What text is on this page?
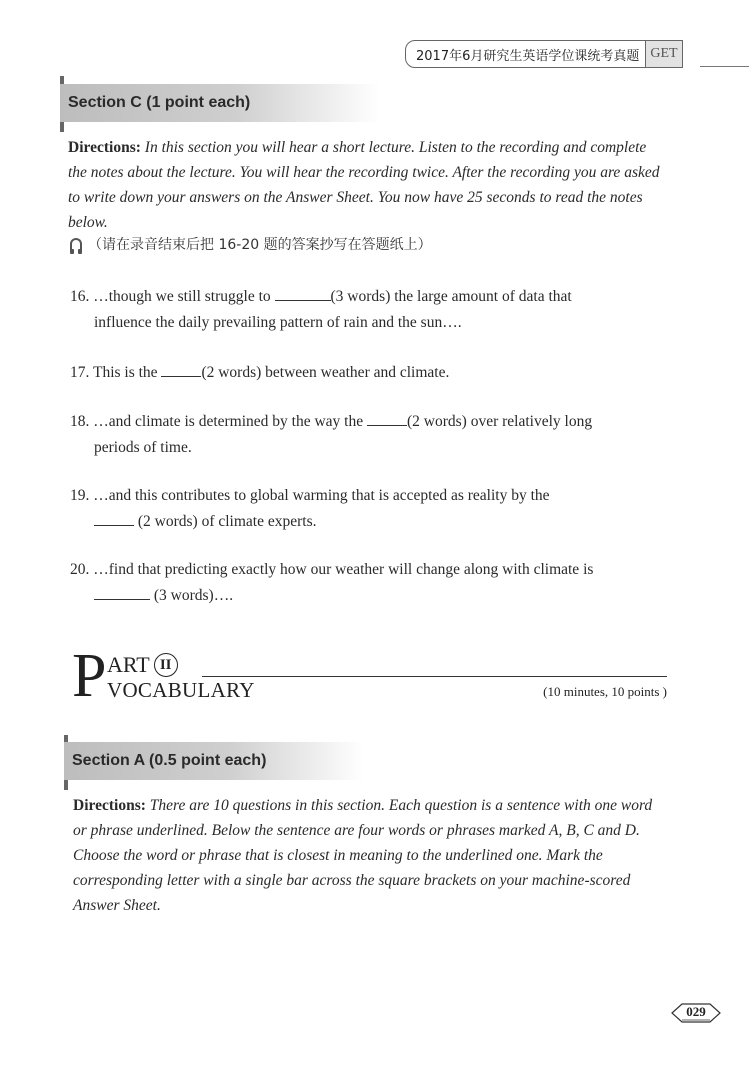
2017年6月研究生英语学位课统考真题 GET
Section C (1 point each)
Directions: In this section you will hear a short lecture. Listen to the recording and complete the notes about the lecture. You will hear the recording twice. After the recording you are asked to write down your answers on the Answer Sheet. You now have 25 seconds to read the notes below.
（请在录音结束后把 16-20 题的答案抄写在答题纸上）
16. …though we still struggle to	(3 words) the large amount of data that
influence the daily prevailing pattern of rain and the sun….
17. This is the	(2 words) between weather and climate.
18. …and climate is determined by the way the	(2 words) over relatively long
periods of time.
19. …and this contributes to global warming that is accepted as reality by the
(2 words) of climate experts.
20. …find that predicting exactly how our weather will change along with climate is
(3 words)….
P ART II
VOCABULARY	(10 minutes, 10 points )
Section A (0.5 point each)
Directions: There are 10 questions in this section. Each question is a sentence with one word or phrase underlined. Below the sentence are four words or phrases marked A, B, C and D. Choose the word or phrase that is closest in meaning to the underlined one. Mark the corresponding letter with a single bar across the square brackets on your machine-scored Answer Sheet.
029
